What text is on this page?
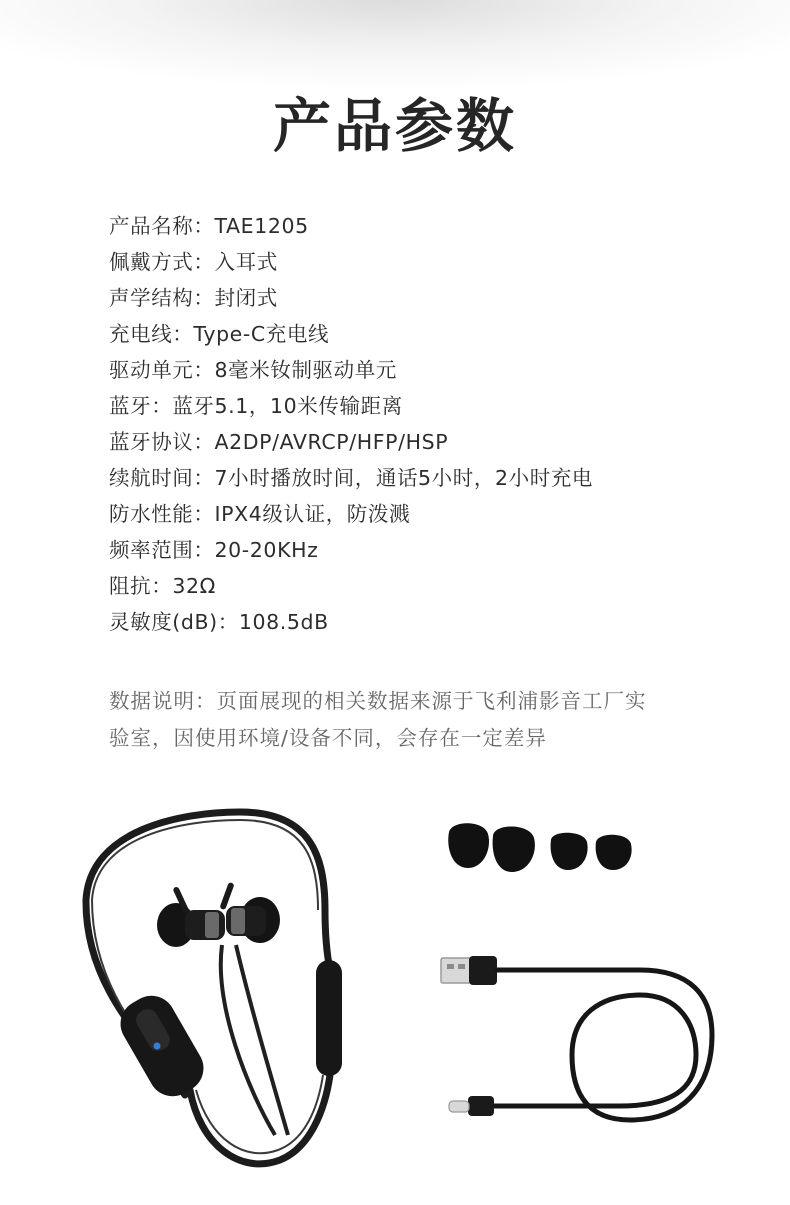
产品参数
产品名称：TAE1205
佩戴方式：入耳式
声学结构：封闭式
充电线：Type-C充电线
驱动单元：8毫米钕制驱动单元
蓝牙：蓝牙5.1，10米传输距离
蓝牙协议：A2DP/AVRCP/HFP/HSP
续航时间：7小时播放时间，通话5小时，2小时充电
防水性能：IPX4级认证，防泼溅
频率范围：20-20KHz
阻抗：32Ω
灵敏度(dB)：108.5dB
数据说明：页面展现的相关数据来源于飞利浦影音工厂实
验室，因使用环境/设备不同，会存在一定差异
